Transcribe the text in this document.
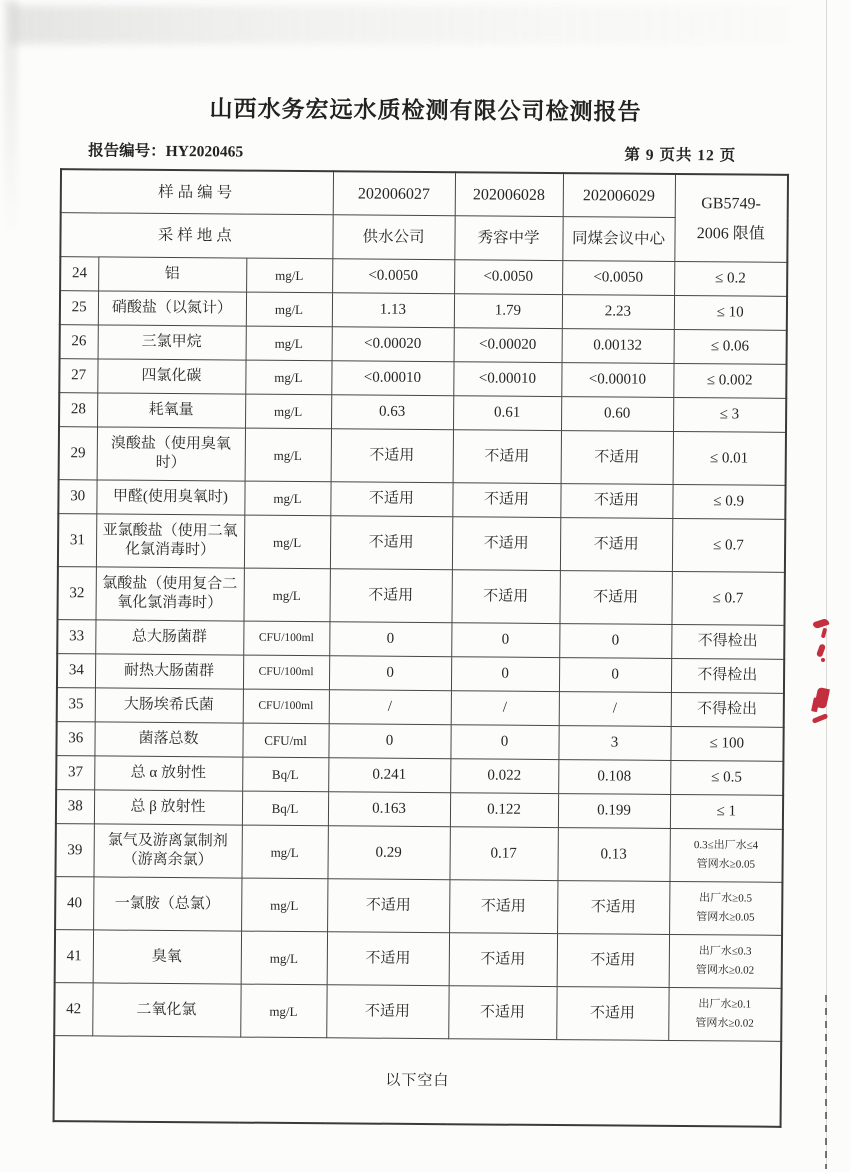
山西水务宏远水质检测有限公司检测报告
报告编号：HY2020465	第 9 页共 12 页
样品编号			202006027	202006028	202006029	GB5749-
2006 限值

采样地点			供水公司	秀容中学	同煤会议中心	
24	铝	mg/L	<0.0050	<0.0050	<0.0050	≤ 0.2
25	硝酸盐（以氮计）	mg/L	1.13	1.79	2.23	≤ 10
26	三氯甲烷	mg/L	<0.00020	<0.00020	0.00132	≤ 0.06
27	四氯化碳	mg/L	<0.00010	<0.00010	<0.00010	≤ 0.002
28	耗氧量	mg/L	0.63	0.61	0.60	≤ 3
29	溴酸盐（使用臭氧时）	mg/L	不适用	不适用	不适用	≤ 0.01
30	甲醛(使用臭氧时)	mg/L	不适用	不适用	不适用	≤ 0.9
31	亚氯酸盐（使用二氧化氯消毒时）	mg/L	不适用	不适用	不适用	≤ 0.7
32	氯酸盐（使用复合二氧化氯消毒时）	mg/L	不适用	不适用	不适用	≤ 0.7
33	总大肠菌群	CFU/100ml	0	0	0	不得检出
34	耐热大肠菌群	CFU/100ml	0	0	0	不得检出
35	大肠埃希氏菌	CFU/100ml	/	/	/	不得检出
36	菌落总数	CFU/ml	0	0	3	≤ 100
37	总 α 放射性	Bq/L	0.241	0.022	0.108	≤ 0.5
38	总 β 放射性	Bq/L	0.163	0.122	0.199	≤ 1
39	氯气及游离氯制剂（游离余氯）	mg/L	0.29	0.17	0.13	0.3≤出厂水≤4
管网水≥0.05
40	一氯胺（总氯）	mg/L	不适用	不适用	不适用	出厂水≥0.5
管网水≥0.05
41	臭氧	mg/L	不适用	不适用	不适用	出厂水≤0.3
管网水≥0.02
42	二氧化氯	mg/L	不适用	不适用	不适用	出厂水≥0.1
管网水≥0.02
以下空白						
